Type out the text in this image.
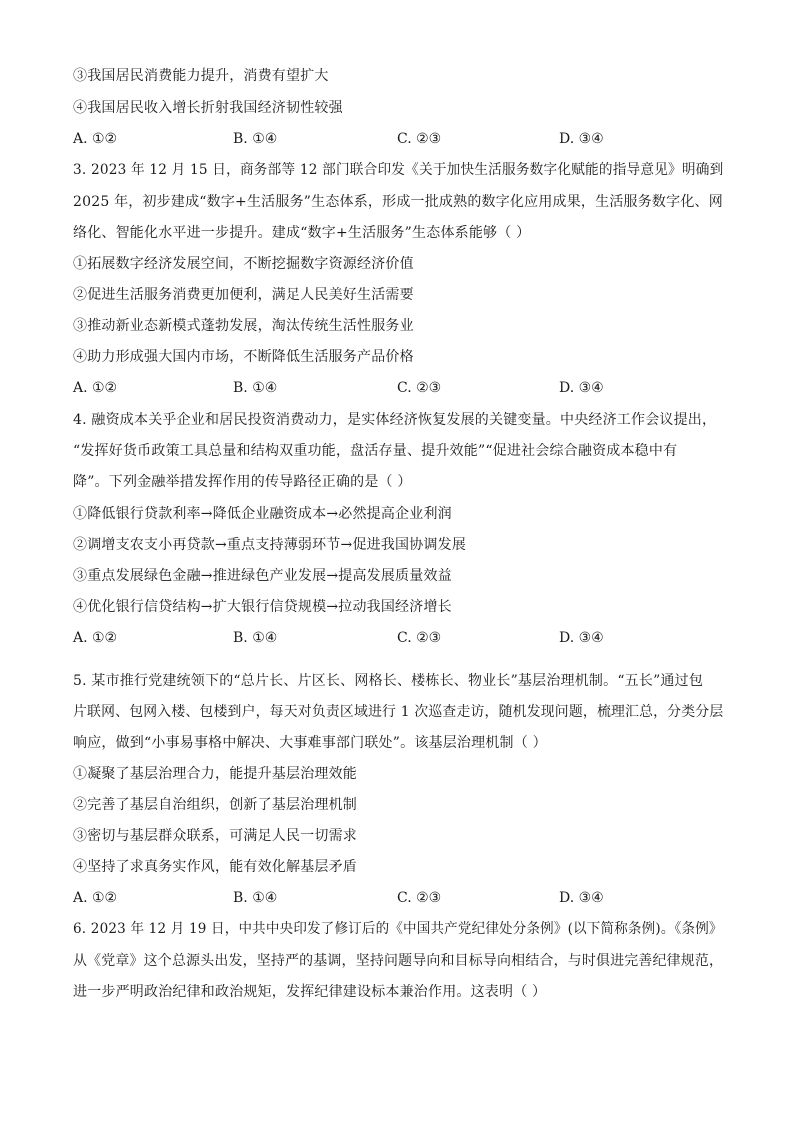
③我国居民消费能力提升，消费有望扩大
④我国居民收入增长折射我国经济韧性较强
A. ①②	B. ①④	C. ②③	D. ③④
3. 2023 年 12 月 15 日，商务部等 12 部门联合印发《关于加快生活服务数字化赋能的指导意见》明确到
2025 年，初步建成“数字+生活服务”生态体系，形成一批成熟的数字化应用成果，生活服务数字化、网
络化、智能化水平进一步提升。建成“数字+生活服务”生态体系能够（ ）
①拓展数字经济发展空间，不断挖掘数字资源经济价值
②促进生活服务消费更加便利，满足人民美好生活需要
③推动新业态新模式蓬勃发展，淘汰传统生活性服务业
④助力形成强大国内市场，不断降低生活服务产品价格
A. ①②	B. ①④	C. ②③	D. ③④
4. 融资成本关乎企业和居民投资消费动力，是实体经济恢复发展的关键变量。中央经济工作会议提出，
“发挥好货币政策工具总量和结构双重功能，盘活存量、提升效能”“促进社会综合融资成本稳中有
降”。下列金融举措发挥作用的传导路径正确的是（ ）
①降低银行贷款利率→降低企业融资成本→必然提高企业利润
②调增支农支小再贷款→重点支持薄弱环节→促进我国协调发展
③重点发展绿色金融→推进绿色产业发展→提高发展质量效益
④优化银行信贷结构→扩大银行信贷规模→拉动我国经济增长
A. ①②	B. ①④	C. ②③	D. ③④
5. 某市推行党建统领下的“总片长、片区长、网格长、楼栋长、物业长”基层治理机制。“五长”通过包
片联网、包网入楼、包楼到户，每天对负责区域进行 1 次巡查走访，随机发现问题，梳理汇总，分类分层
响应，做到“小事易事格中解决、大事难事部门联处”。该基层治理机制（ ）
①凝聚了基层治理合力，能提升基层治理效能
②完善了基层自治组织，创新了基层治理机制
③密切与基层群众联系，可满足人民一切需求
④坚持了求真务实作风，能有效化解基层矛盾
A. ①②	B. ①④	C. ②③	D. ③④
6. 2023 年 12 月 19 日，中共中央印发了修订后的《中国共产党纪律处分条例》(以下简称条例)。《条例》
从《党章》这个总源头出发，坚持严的基调，坚持问题导向和目标导向相结合，与时俱进完善纪律规范，
进一步严明政治纪律和政治规矩，发挥纪律建设标本兼治作用。这表明（ ）
